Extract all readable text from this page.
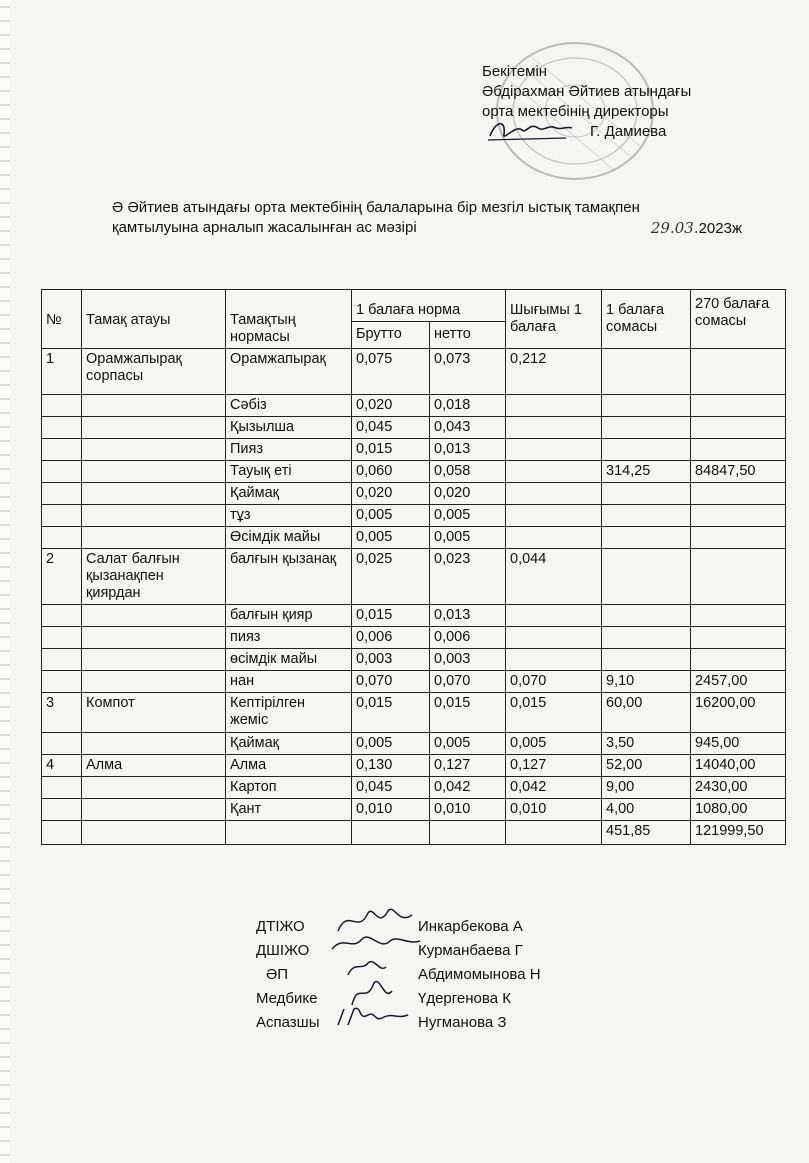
Бекітемін
Әбдірахман Әйтиев атындағы
орта мектебінің директоры
Г. Дамиева
Ә Әйтиев атындағы орта мектебінің балаларына бір мезгіл ыстық тамақпен
қамтылуына арналып жасалынған ас мәзірі	29.03.2023ж
№	Тамақ атауы	Тамақтың нормасы	1 балаға норма		Шығымы 1 балаға	1 балаға сомасы	270 балаға сомасы
			Брутто	нетто			
1	Орамжапырақ сорпасы	Орамжапырақ	0,075	0,073	0,212		
		Сәбіз	0,020	0,018			
		Қызылша	0,045	0,043			
		Пияз	0,015	0,013			
		Тауық еті	0,060	0,058		314,25	84847,50
		Қаймақ	0,020	0,020			
		тұз	0,005	0,005			
		Өсімдік майы	0,005	0,005			
2	Салат балғын қызанақпен қиярдан	балғын қызанақ	0,025	0,023	0,044		
		балғын қияр	0,015	0,013			
		пияз	0,006	0,006			
		өсімдік майы	0,003	0,003			
		нан	0,070	0,070	0,070	9,10	2457,00
3	Компот	Кептірілген жеміс	0,015	0,015	0,015	60,00	16200,00
		Қаймақ	0,005	0,005	0,005	3,50	945,00
4	Алма	Алма	0,130	0,127	0,127	52,00	14040,00
		Картоп	0,045	0,042	0,042	9,00	2430,00
		Қант	0,010	0,010	0,010	4,00	1080,00
						451,85	121999,50
ДТІЖО	Инкарбекова А
ДШІЖО	Курманбаева Г
ӘП	Абдимомынова Н
Медбике	Үдергенова К
Аспазшы	Нугманова З
